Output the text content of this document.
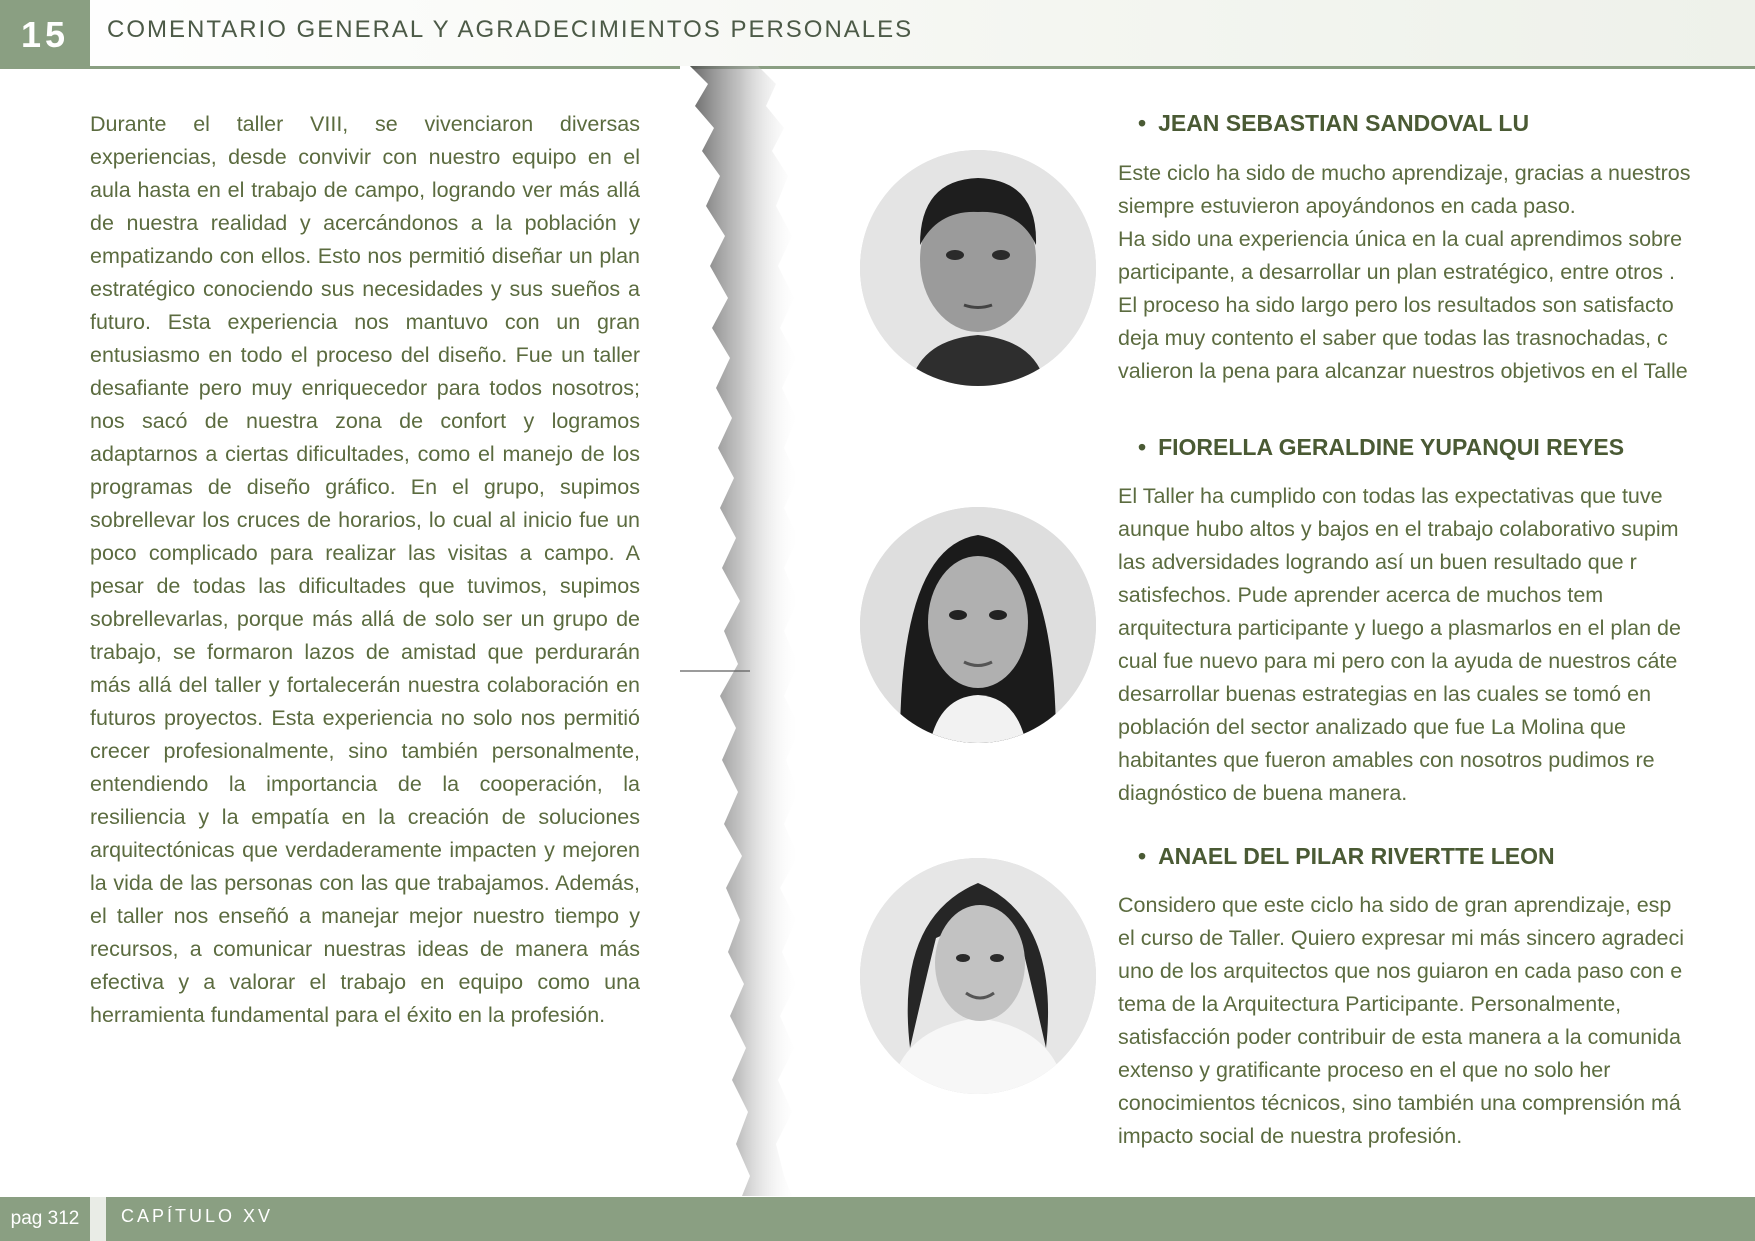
15	COMENTARIO GENERAL Y AGRADECIMIENTOS PERSONALES
Durante el taller VIII, se vivenciaron diversas experiencias, desde convivir con nuestro equipo en el aula hasta en el trabajo de campo, logrando ver más allá de nuestra realidad y acercándonos a la población y empatizando con ellos. Esto nos permitió diseñar un plan estratégico conociendo sus necesidades y sus sueños a futuro. Esta experiencia nos mantuvo con un gran entusiasmo en todo el proceso del diseño. Fue un taller desafiante pero muy enriquecedor para todos nosotros; nos sacó de nuestra zona de confort y logramos adaptarnos a ciertas dificultades, como el manejo de los programas de diseño gráfico. En el grupo, supimos sobrellevar los cruces de horarios, lo cual al inicio fue un poco complicado para realizar las visitas a campo. A pesar de todas las dificultades que tuvimos, supimos sobrellevarlas, porque más allá de solo ser un grupo de trabajo, se formaron lazos de amistad que perdurarán más allá del taller y fortalecerán nuestra colaboración en futuros proyectos. Esta experiencia no solo nos permitió crecer profesionalmente, sino también personalmente, entendiendo la importancia de la cooperación, la resiliencia y la empatía en la creación de soluciones arquitectónicas que verdaderamente impacten y mejoren la vida de las personas con las que trabajamos. Además, el taller nos enseñó a manejar mejor nuestro tiempo y recursos, a comunicar nuestras ideas de manera más efectiva y a valorar el trabajo en equipo como una herramienta fundamental para el éxito en la profesión.
• JEAN SEBASTIAN SANDOVAL LU
Este ciclo ha sido de mucho aprendizaje, gracias a nuestros
siempre estuvieron apoyándonos en cada paso.
Ha sido una experiencia única en la cual aprendimos sobre
participante, a desarrollar un plan estratégico, entre otros .
El proceso ha sido largo pero los resultados son satisfacto
deja muy contento el saber que todas las trasnochadas, c
valieron la pena para alcanzar nuestros objetivos en el Talle
• FIORELLA GERALDINE YUPANQUI REYES
El Taller ha cumplido con todas las expectativas que tuve
aunque hubo altos y bajos en el trabajo colaborativo supim
las adversidades logrando así un buen resultado que r
satisfechos. Pude aprender acerca de muchos tem
arquitectura participante y luego a plasmarlos en el plan de
cual fue nuevo para mi pero con la ayuda de nuestros cáte
desarrollar buenas estrategias en las cuales se tomó en
población del sector analizado que fue La Molina que
habitantes que fueron amables con nosotros pudimos re
diagnóstico de buena manera.
• ANAEL DEL PILAR RIVERTTE LEON
Considero que este ciclo ha sido de gran aprendizaje, esp
el curso de Taller. Quiero expresar mi más sincero agradeci
uno de los arquitectos que nos guiaron en cada paso con e
tema de la Arquitectura Participante. Personalmente,
satisfacción poder contribuir de esta manera a la comunida
extenso y gratificante proceso en el que no solo her
conocimientos técnicos, sino también una comprensión má
impacto social de nuestra profesión.
pag 312	CAPÍTULO XV
